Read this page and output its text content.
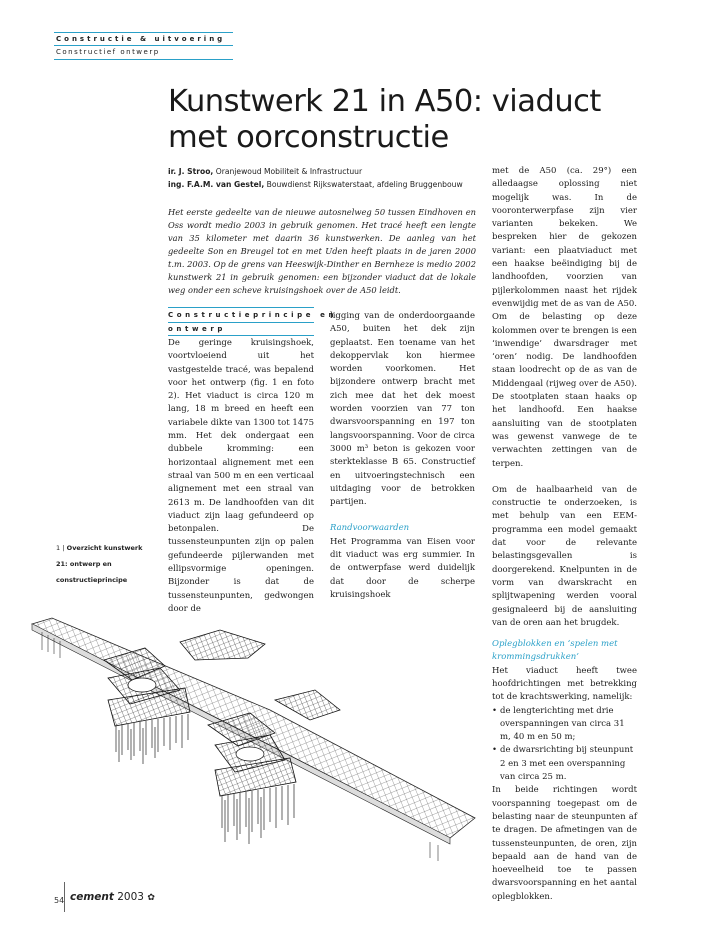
Constructie & uitvoering
Constructief ontwerp
Kunstwerk 21 in A50: viaduct
met oorconstructie
ir. J. Stroo, Oranjewoud Mobiliteit & Infrastructuur
ing. F.A.M. van Gestel, Bouwdienst Rijkswaterstaat, afdeling Bruggenbouw
Het eerste gedeelte van de nieuwe autosnelweg 50 tussen Eindhoven en Oss wordt medio 2003 in gebruik genomen. Het tracé heeft een lengte van 35 kilometer met daarin 36 kunstwerken. De aanleg van het gedeelte Son en Breugel tot en met Uden heeft plaats in de jaren 2000 t.m. 2003. Op de grens van Heeswijk-Dinther en Bernheze is medio 2002 kunstwerk 21 in gebruik genomen: een bijzonder viaduct dat de lokale weg onder een scheve kruisingshoek over de A50 leidt.
Constructieprincipe en
ontwerp

De geringe kruisingshoek, voortvloeiend uit het vastgestelde tracé, was bepalend voor het ontwerp (fig. 1 en foto 2). Het viaduct is circa 120 m lang, 18 m breed en heeft een variabele dikte van 1300 tot 1475 mm. Het dek ondergaat een dubbele kromming: een horizontaal alignement met een straal van 500 m en een verticaal alignement met een straal van 2613 m. De landhoofden van dit viaduct zijn laag gefundeerd op betonpalen. De tussensteunpunten zijn op palen gefundeerde pijlerwanden met ellipsvormige openingen. Bijzonder is dat de tussensteunpunten, gedwongen door de

ligging van de onderdoorgaande A50, buiten het dek zijn geplaatst. Een toename van het dekoppervlak kon hiermee worden voorkomen. Het bijzondere ontwerp bracht met zich mee dat het dek moest worden voorzien van 77 ton dwarsvoorspanning en 197 ton langsvoorspanning. Voor de circa 3000 m³ beton is gekozen voor sterkteklasse B 65. Constructief en uitvoeringstechnisch een uitdaging voor de betrokken partijen.

Randvoorwaarden

Het Programma van Eisen voor dit viaduct was erg summier. In de ontwerpfase werd duidelijk dat door de scherpe kruisingshoek

met de A50 (ca. 29°) een alledaagse oplossing niet mogelijk was. In de vooronterwerpfase zijn vier varianten bekeken. We bespreken hier de gekozen variant: een plaatviaduct met een haakse beëindiging bij de landhoofden, voorzien van pijlerkolommen naast het rijdek evenwijdig met de as van de A50. Om de belasting op deze kolommen over te brengen is een ‘inwendige’ dwarsdrager met ‘oren’ nodig. De landhoofden staan loodrecht op de as van de Middengaal (rijweg over de A50). De stootplaten staan haaks op het landhoofd. Een haakse aansluiting van de stootplaten was gewenst vanwege de te verwachten zettingen van de terpen.

Om de haalbaarheid van de constructie te onderzoeken, is met behulp van een EEM-programma een model gemaakt dat voor de relevante belastingsgevallen is doorgerekend. Knelpunten in de vorm van dwarskracht en splijtwapening werden vooral gesignaleerd bij de aansluiting van de oren aan het brugdek.

Oplegblokken en ‘spelen met
krommingsdrukken’

Het viaduct heeft twee hoofdrichtingen met betrekking tot de krachtswerking, namelijk:

• de lengterichting met drie overspanningen van circa 31 m, 40 m en 50 m;
• de dwarsrichting bij steunpunt 2 en 3 met een overspanning van circa 25 m.

In beide richtingen wordt voorspanning toegepast om de belasting naar de steunpunten af te dragen. De afmetingen van de tussensteunpunten, de oren, zijn bepaald aan de hand van de hoeveelheid toe te passen dwarsvoorspanning en het aantal oplegblokken.

1 | Overzicht kunstwerk 21: ontwerp en constructieprincipe
54 cement 2003 ✿
